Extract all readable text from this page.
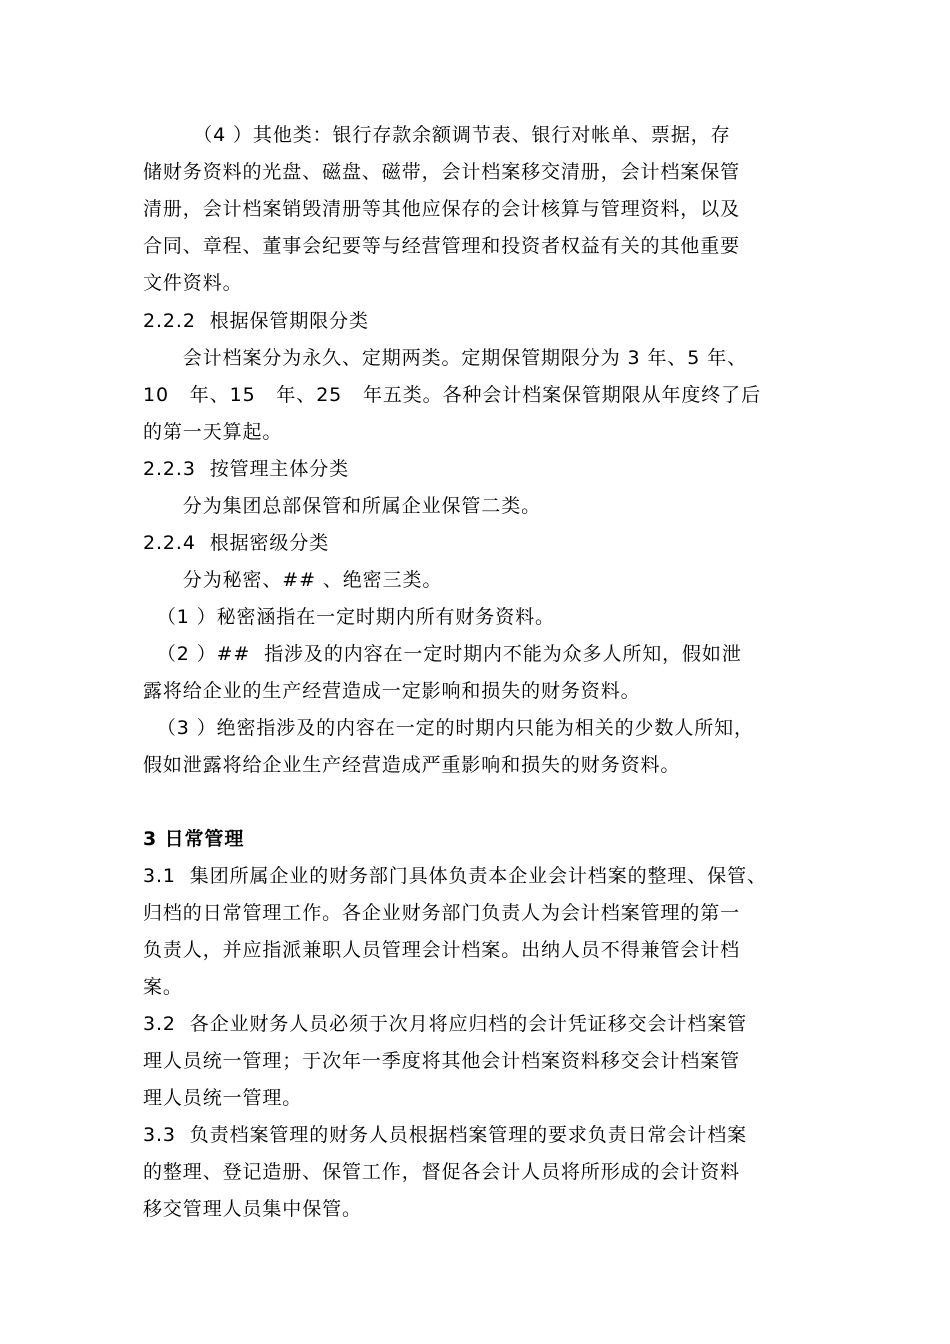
　　　（4 ）其他类：银行存款余额调节表、银行对帐单、票据，存
储财务资料的光盘、磁盘、磁带，会计档案移交清册，会计档案保管
清册，会计档案销毁清册等其他应保存的会计核算与管理资料，以及
合同、章程、董事会纪要等与经营管理和投资者权益有关的其他重要
文件资料。
2.2.2  根据保管期限分类
　　会计档案分为永久、定期两类。定期保管期限分为 3 年、5 年、
10   年、15   年、25   年五类。各种会计档案保管期限从年度终了后
的第一天算起。
2.2.3  按管理主体分类
　　分为集团总部保管和所属企业保管二类。
2.2.4  根据密级分类
　　分为秘密、## 、绝密三类。
（1 ）秘密涵指在一定时期内所有财务资料。
（2 ）##  指涉及的内容在一定时期内不能为众多人所知，假如泄
露将给企业的生产经营造成一定影响和损失的财务资料。
（3 ）绝密指涉及的内容在一定的时期内只能为相关的少数人所知，
假如泄露将给企业生产经营造成严重影响和损失的财务资料。
3 日常管理
3.1  集团所属企业的财务部门具体负责本企业会计档案的整理、保管、
归档的日常管理工作。各企业财务部门负责人为会计档案管理的第一
负责人，并应指派兼职人员管理会计档案。出纳人员不得兼管会计档
案。
3.2  各企业财务人员必须于次月将应归档的会计凭证移交会计档案管
理人员统一管理；于次年一季度将其他会计档案资料移交会计档案管
理人员统一管理。
3.3  负责档案管理的财务人员根据档案管理的要求负责日常会计档案
的整理、登记造册、保管工作，督促各会计人员将所形成的会计资料
移交管理人员集中保管。
